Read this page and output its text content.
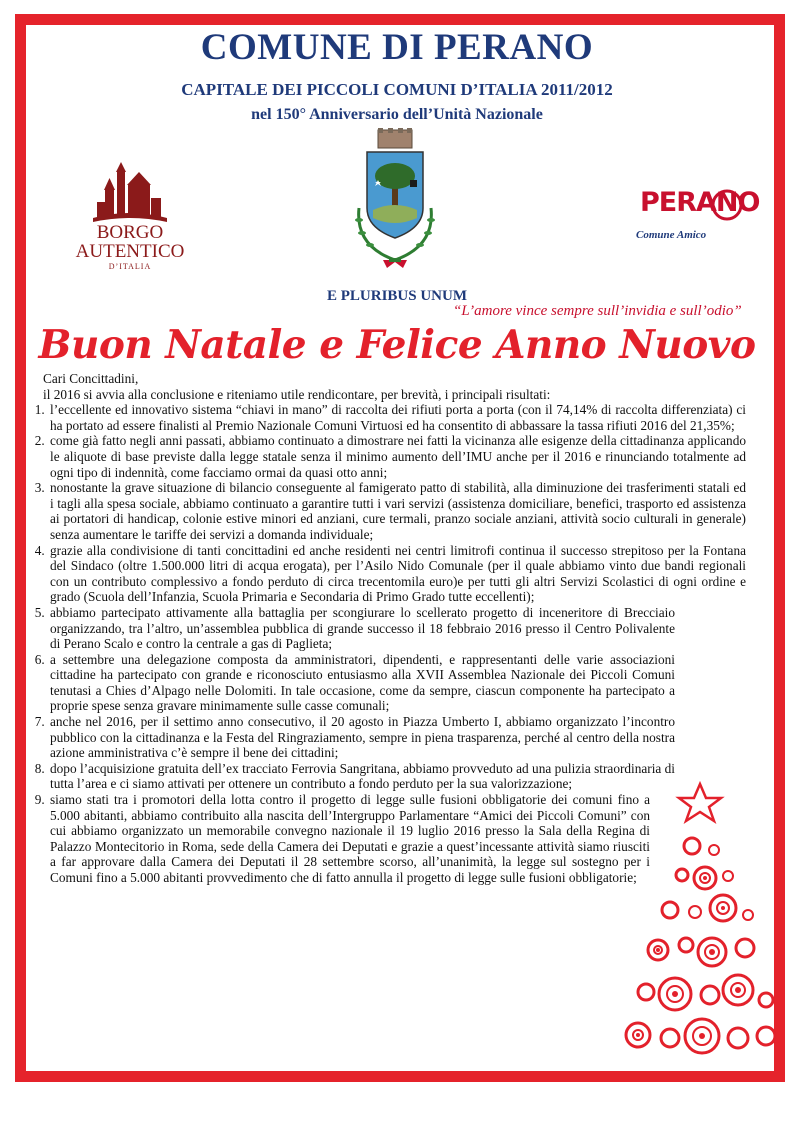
COMUNE DI PERANO
CAPITALE DEI PICCOLI COMUNI D’ITALIA 2011/2012
nel 150° Anniversario dell’Unità Nazionale
BORGO
AUTENTICO
D’ITALIA
PERANO
Comune Amico
E PLURIBUS UNUM
“L’amore vince sempre sull’invidia e sull’odio”
Buon Natale e Felice Anno Nuovo
Cari Concittadini,
il 2016 si avvia alla conclusione e riteniamo utile rendicontare, per brevità, i principali risultati:
1. l’eccellente ed innovativo sistema “chiavi in mano” di raccolta dei rifiuti porta a porta (con il 74,14% di raccolta differenziata) ci ha portato ad essere finalisti al Premio Nazionale Comuni Virtuosi ed ha consentito di abbassare la tassa rifiuti 2016 del 21,35%;
2. come già fatto negli anni passati, abbiamo continuato a dimostrare nei fatti la vicinanza alle esigenze della cittadinanza applicando le aliquote di base previste dalla legge statale senza il minimo aumento dell’IMU anche per il 2016 e rinunciando totalmente ad ogni tipo di indennità, come facciamo ormai da quasi otto anni;
3. nonostante la grave situazione di bilancio conseguente al famigerato patto di stabilità, alla diminuzione dei trasferimenti statali ed i tagli alla spesa sociale, abbiamo continuato a garantire tutti i vari servizi (assistenza domiciliare, benefici, trasporto ed assistenza ai portatori di handicap, colonie estive minori ed anziani, cure termali, pranzo sociale anziani, attività socio culturali in generale) senza aumentare le tariffe dei servizi a domanda individuale;
4. grazie alla condivisione di tanti concittadini ed anche residenti nei centri limitrofi continua il successo strepitoso per la Fontana del Sindaco (oltre 1.500.000 litri di acqua erogata), per l’Asilo Nido Comunale (per il quale abbiamo vinto due bandi regionali con un contributo complessivo a fondo perduto di circa trecentomila euro)e per tutti gli altri Servizi Scolastici di ogni ordine e grado (Scuola dell’Infanzia, Scuola Primaria e Secondaria di Primo Grado tutte eccellenti);
5. abbiamo partecipato attivamente alla battaglia per scongiurare lo scellerato progetto di inceneritore di Brecciaio organizzando, tra l’altro, un’assemblea pubblica di grande successo il 18 febbraio 2016 presso il Centro Polivalente di Perano Scalo e contro la centrale a gas di Paglieta;
6. a settembre una delegazione composta da amministratori, dipendenti, e rappresentanti delle varie associazioni cittadine ha partecipato con grande e riconosciuto entusiasmo alla XVII Assemblea Nazionale dei Piccoli Comuni tenutasi a Chies d’Alpago nelle Dolomiti. In tale occasione, come da sempre, ciascun componente ha partecipato a proprie spese senza gravare minimamente sulle casse comunali;
7. anche nel 2016, per il settimo anno consecutivo, il 20 agosto in Piazza Umberto I, abbiamo organizzato l’incontro pubblico con la cittadinanza e la Festa del Ringraziamento, sempre in piena trasparenza, perché al centro della nostra azione amministrativa c’è sempre il bene dei cittadini;
8. dopo l’acquisizione gratuita dell’ex tracciato Ferrovia Sangritana, abbiamo provveduto ad una pulizia straordinaria di tutta l’area e ci siamo attivati per ottenere un contributo a fondo perduto per la sua valorizzazione;
9. siamo stati tra i promotori della lotta contro il progetto di legge sulle fusioni obbligatorie dei comuni fino a 5.000 abitanti, abbiamo contribuito alla nascita dell’Intergruppo Parlamentare “Amici dei Piccoli Comuni” con cui abbiamo organizzato un memorabile convegno nazionale il 19 luglio 2016 presso la Sala della Regina di Palazzo Montecitorio in Roma, sede della Camera dei Deputati e grazie a quest’incessante attività siamo riusciti a far approvare dalla Camera dei Deputati il 28 settembre scorso, all’unanimità, la legge sul sostegno per i Comuni fino a 5.000 abitanti provvedimento che di fatto annulla il progetto di legge sulle fusioni obbligatorie;
